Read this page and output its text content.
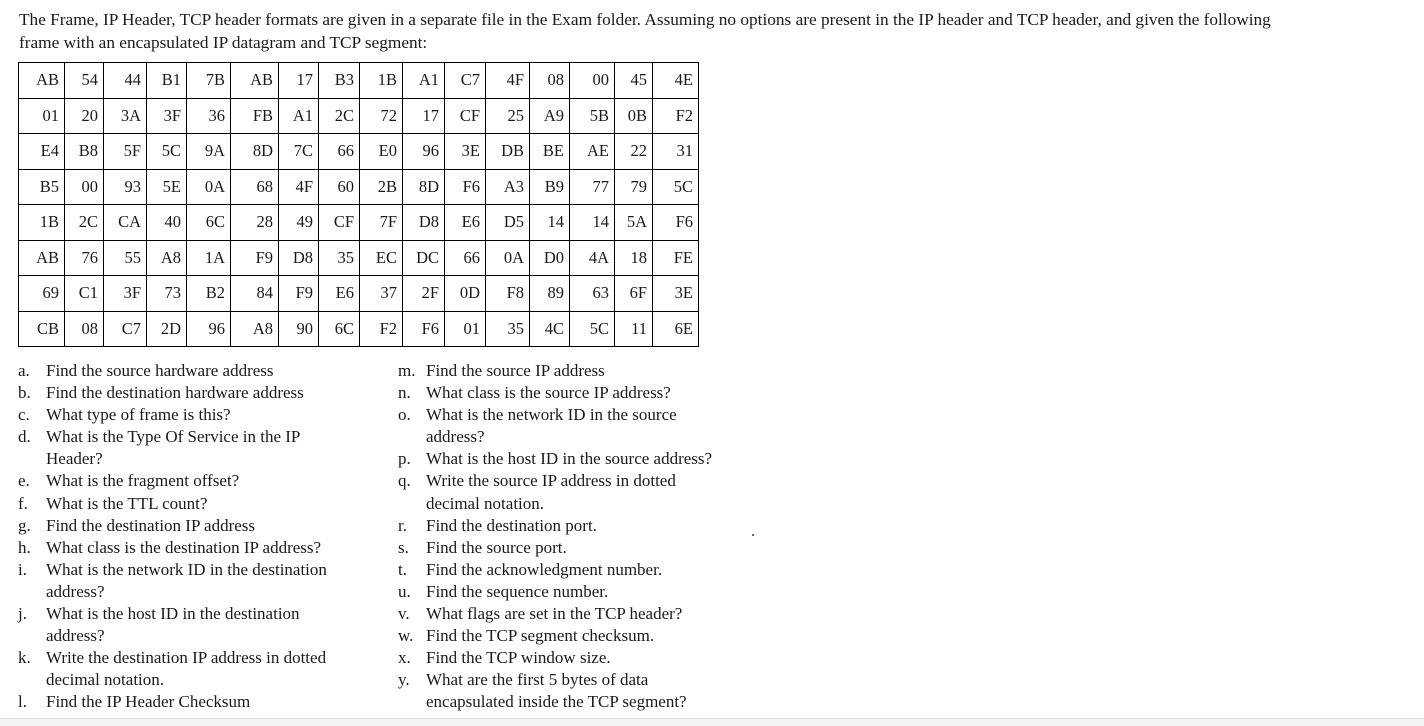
The Frame, IP Header, TCP header formats are given in a separate file in the Exam folder. Assuming no options are present in the IP header and TCP header, and given the following
frame with an encapsulated IP datagram and TCP segment:
AB	54	44	B1	7B	AB	17	B3	1B	A1	C7	4F	08	00	45	4E
01	20	3A	3F	36	FB	A1	2C	72	17	CF	25	A9	5B	0B	F2
E4	B8	5F	5C	9A	8D	7C	66	E0	96	3E	DB	BE	AE	22	31
B5	00	93	5E	0A	68	4F	60	2B	8D	F6	A3	B9	77	79	5C
1B	2C	CA	40	6C	28	49	CF	7F	D8	E6	D5	14	14	5A	F6
AB	76	55	A8	1A	F9	D8	35	EC	DC	66	0A	D0	4A	18	FE
69	C1	3F	73	B2	84	F9	E6	37	2F	0D	F8	89	63	6F	3E
CB	08	C7	2D	96	A8	90	6C	F2	F6	01	35	4C	5C	11	6E
a. Find the source hardware address
b. Find the destination hardware address
c. What type of frame is this?
d. What is the Type Of Service in the IP
Header?
e. What is the fragment offset?
f.	What is the TTL count?
g. Find the destination IP address
h. What class is the destination IP address?
i.	What is the network ID in the destination
address?
j.	What is the host ID in the destination
address?
k. Write the destination IP address in dotted
decimal notation.
l.	Find the IP Header Checksum
m. Find the source IP address
n. What class is the source IP address?
o. What is the network ID in the source
address?
p. What is the host ID in the source address?
q. Write the source IP address in dotted
decimal notation.
r.	Find the destination port.
s.	Find the source port.
t.	Find the acknowledgment number.
u. Find the sequence number.
v. What flags are set in the TCP header?
w. Find the TCP segment checksum.
x. Find the TCP window size.
y. What are the first 5 bytes of data
encapsulated inside the TCP segment?
